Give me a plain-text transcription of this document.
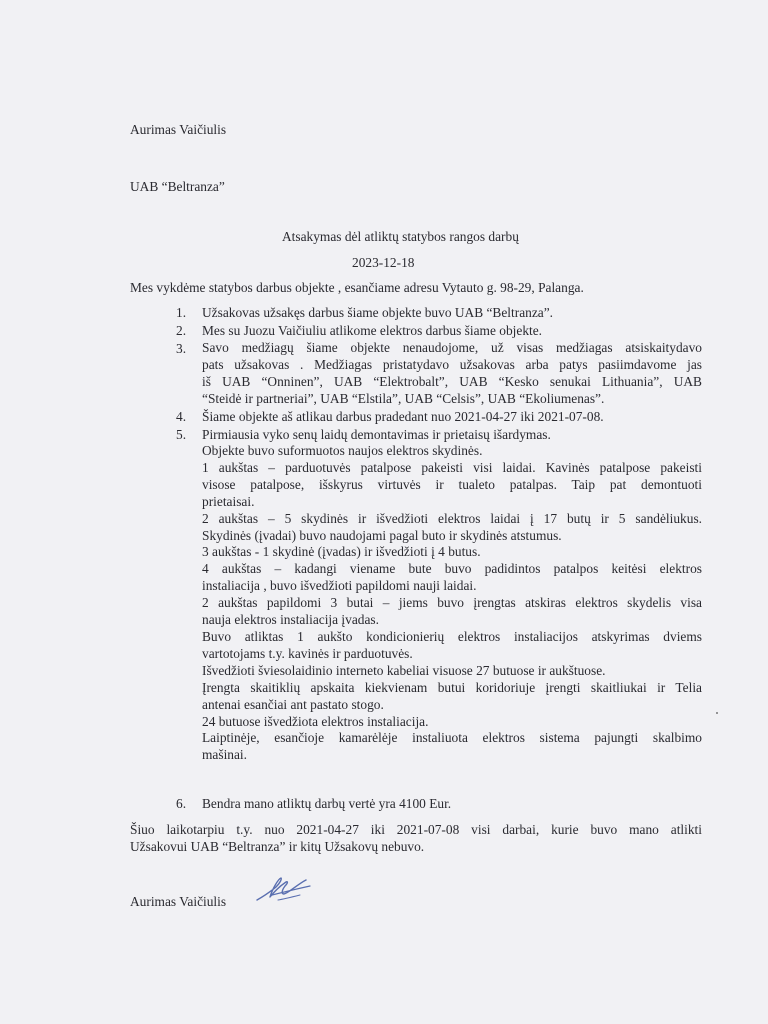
Aurimas Vaičiulis
UAB “Beltranza”
Atsakymas dėl atliktų statybos rangos darbų
2023-12-18
Mes vykdėme statybos darbus objekte , esančiame adresu Vytauto g. 98-29, Palanga.
1. Užsakovas užsakęs darbus šiame objekte buvo UAB “Beltranza”.
2. Mes su Juozu Vaičiuliu atlikome elektros darbus šiame objekte.
3. Savo medžiagų šiame objekte nenaudojome, už visas medžiagas atsiskaitydavo
pats užsakovas . Medžiagas pristatydavo užsakovas arba patys pasiimdavome jas
iš UAB “Onninen”, UAB “Elektrobalt”, UAB “Kesko senukai Lithuania”, UAB
“Steidė ir partneriai”, UAB “Elstila”, UAB “Celsis”, UAB “Ekoliumenas”.
4. Šiame objekte aš atlikau darbus pradedant nuo 2021-04-27 iki 2021-07-08.
5. Pirmiausia vyko senų laidų demontavimas ir prietaisų išardymas.
Objekte buvo suformuotos naujos elektros skydinės.
1 aukštas – parduotuvės patalpose pakeisti visi laidai. Kavinės patalpose pakeisti
visose patalpose, išskyrus virtuvės ir tualeto patalpas. Taip pat demontuoti
prietaisai.
2 aukštas – 5 skydinės ir išvedžioti elektros laidai į 17 butų ir 5 sandėliukus.
Skydinės (įvadai) buvo naudojami pagal buto ir skydinės atstumus.
3 aukštas - 1 skydinė (įvadas) ir išvedžioti į 4 butus.
4 aukštas – kadangi viename bute buvo padidintos patalpos keitėsi elektros
instaliacija , buvo išvedžioti papildomi nauji laidai.
2 aukštas papildomi 3 butai – jiems buvo įrengtas atskiras elektros skydelis visa
nauja elektros instaliacija įvadas.
Buvo atliktas 1 aukšto kondicionierių elektros instaliacijos atskyrimas dviems
vartotojams t.y. kavinės ir parduotuvės.
Išvedžioti šviesolaidinio interneto kabeliai visuose 27 butuose ir aukštuose.
Įrengta skaitiklių apskaita kiekvienam butui koridoriuje įrengti skaitliukai ir Telia
antenai esančiai ant pastato stogo.
24 butuose išvedžiota elektros instaliacija.
Laiptinėje, esančioje kamarėlėje instaliuota elektros sistema pajungti skalbimo
mašinai.
6. Bendra mano atliktų darbų vertė yra 4100 Eur.
Šiuo laikotarpiu t.y. nuo 2021-04-27 iki 2021-07-08 visi darbai, kurie buvo mano atlikti
Užsakovui UAB “Beltranza” ir kitų Užsakovų nebuvo.
Aurimas Vaičiulis
